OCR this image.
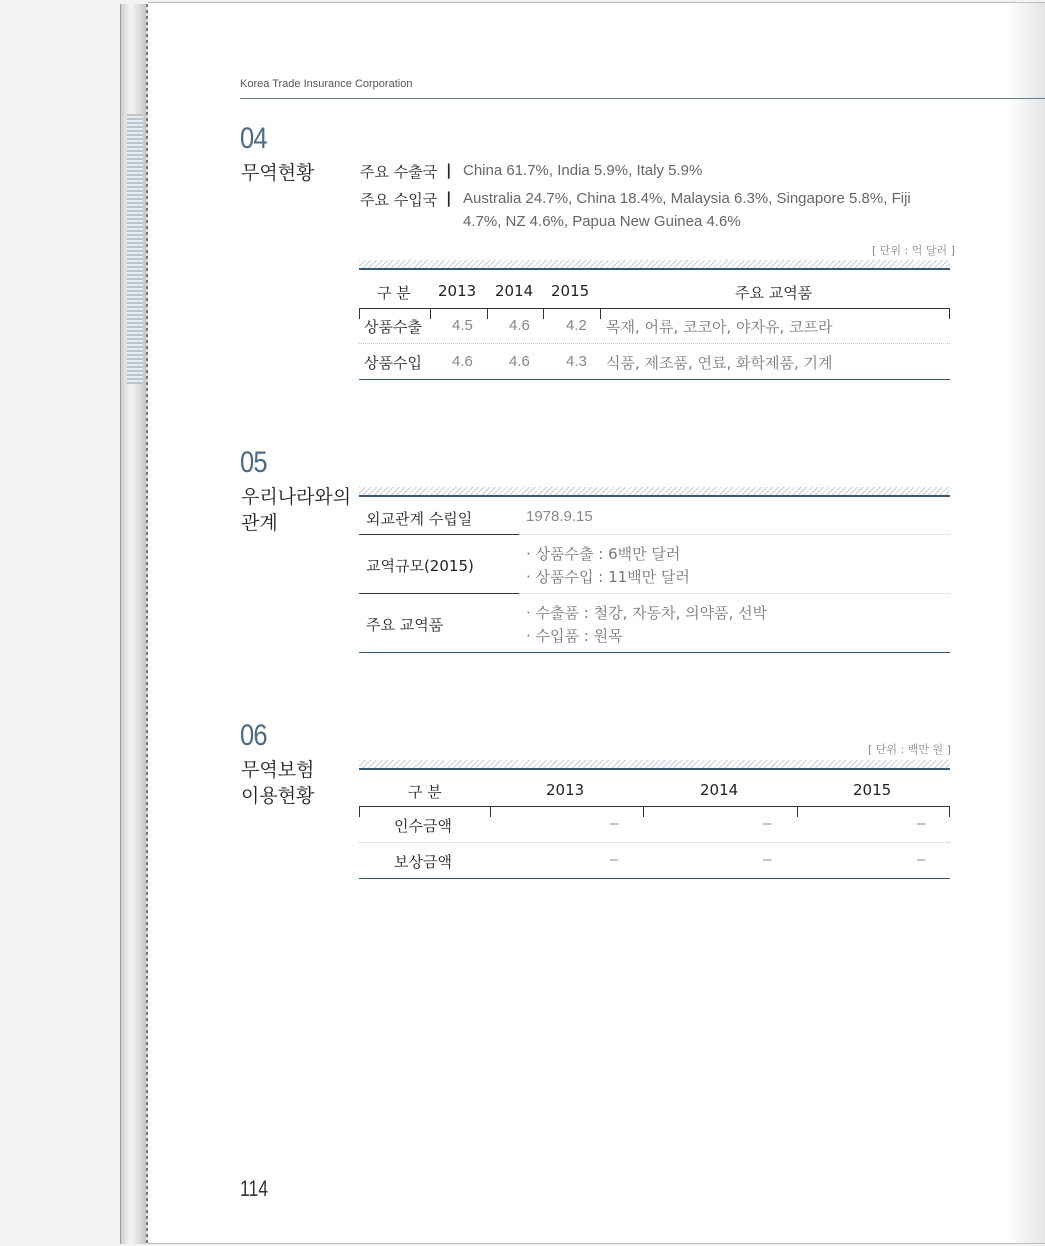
Korea Trade Insurance Corporation
04
무역현황	주요 수출국 | China 61.7%, India 5.9%, Italy 5.9%
주요 수입국 | Australia 24.7%, China 18.4%, Malaysia 6.3%, Singapore 5.8%, Fiji
4.7%, NZ 4.6%, Papua New Guinea 4.6%
[ 단위 : 억 달러 ]
구 분 2013 2014 2015	주요 교역품
상품수출 4.5 4.6 4.2 목재, 어류, 코코아, 야자유, 코프라
상품수입 4.6 4.6 4.3 식품, 제조품, 연료, 화학제품, 기계
05
우리나라와의
관계	외교관계 수립일	1978.9.15
교역규모(2015)
· 상품수출 : 6백만 달러
· 상품수입 : 11백만 달러
주요 교역품
· 수출품 : 철강, 자동차, 의약품, 선박
· 수입품 : 원목
06
무역보험
이용현황
[ 단위 : 백만 원 ]
구 분	2013	2014	2015
인수금액	–	–	–
보상금액	–	–	–
114
